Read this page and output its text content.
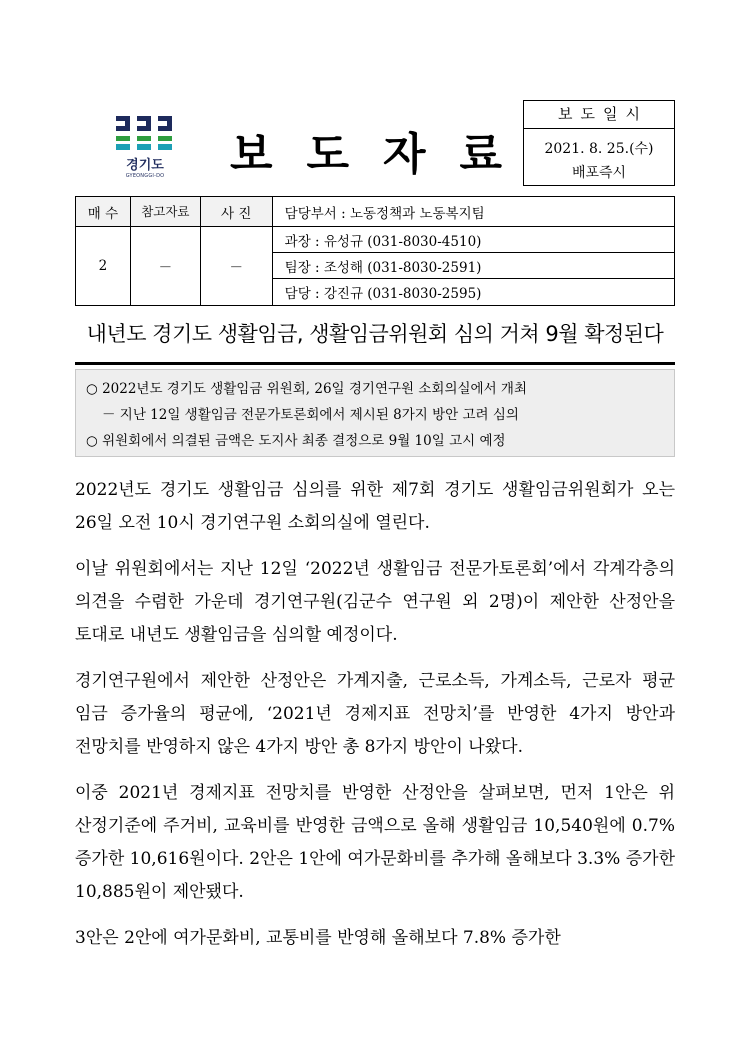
경기도
GYEONGGI-DO	보도자료
보도일시
2021. 8. 25.(수)
배포즉시
매 수	참고자료	사 진	담당부서 : 노동정책과 노동복지팀
2	－	－	과장 : 유성규 (031-8030-4510)
			팀장 : 조성해 (031-8030-2591)
			담당 : 강진규 (031-8030-2595)
내년도 경기도 생활임금, 생활임금위원회 심의 거쳐 9월 확정된다
○ 2022년도 경기도 생활임금 위원회, 26일 경기연구원 소회의실에서 개최
－ 지난 12일 생활임금 전문가토론회에서 제시된 8가지 방안 고려 심의
○ 위원회에서 의결된 금액은 도지사 최종 결정으로 9월 10일 고시 예정

2022년도 경기도 생활임금 심의를 위한 제7회 경기도 생활임금위원회가 오는 26일 오전 10시 경기연구원 소회의실에 열린다.

이날 위원회에서는 지난 12일 ‘2022년 생활임금 전문가토론회’에서 각계각층의 의견을 수렴한 가운데 경기연구원(김군수 연구원 외 2명)이 제안한 산정안을 토대로 내년도 생활임금을 심의할 예정이다.

경기연구원에서 제안한 산정안은 가계지출, 근로소득, 가계소득, 근로자 평균 임금 증가율의 평균에, ‘2021년 경제지표 전망치’를 반영한 4가지 방안과 전망치를 반영하지 않은 4가지 방안 총 8가지 방안이 나왔다.

이중 2021년 경제지표 전망치를 반영한 산정안을 살펴보면, 먼저 1안은 위 산정기준에 주거비, 교육비를 반영한 금액으로 올해 생활임금 10,540원에 0.7% 증가한 10,616원이다. 2안은 1안에 여가문화비를 추가해 올해보다 3.3% 증가한 10,885원이 제안됐다.

3안은 2안에 여가문화비, 교통비를 반영해 올해보다 7.8% 증가한
